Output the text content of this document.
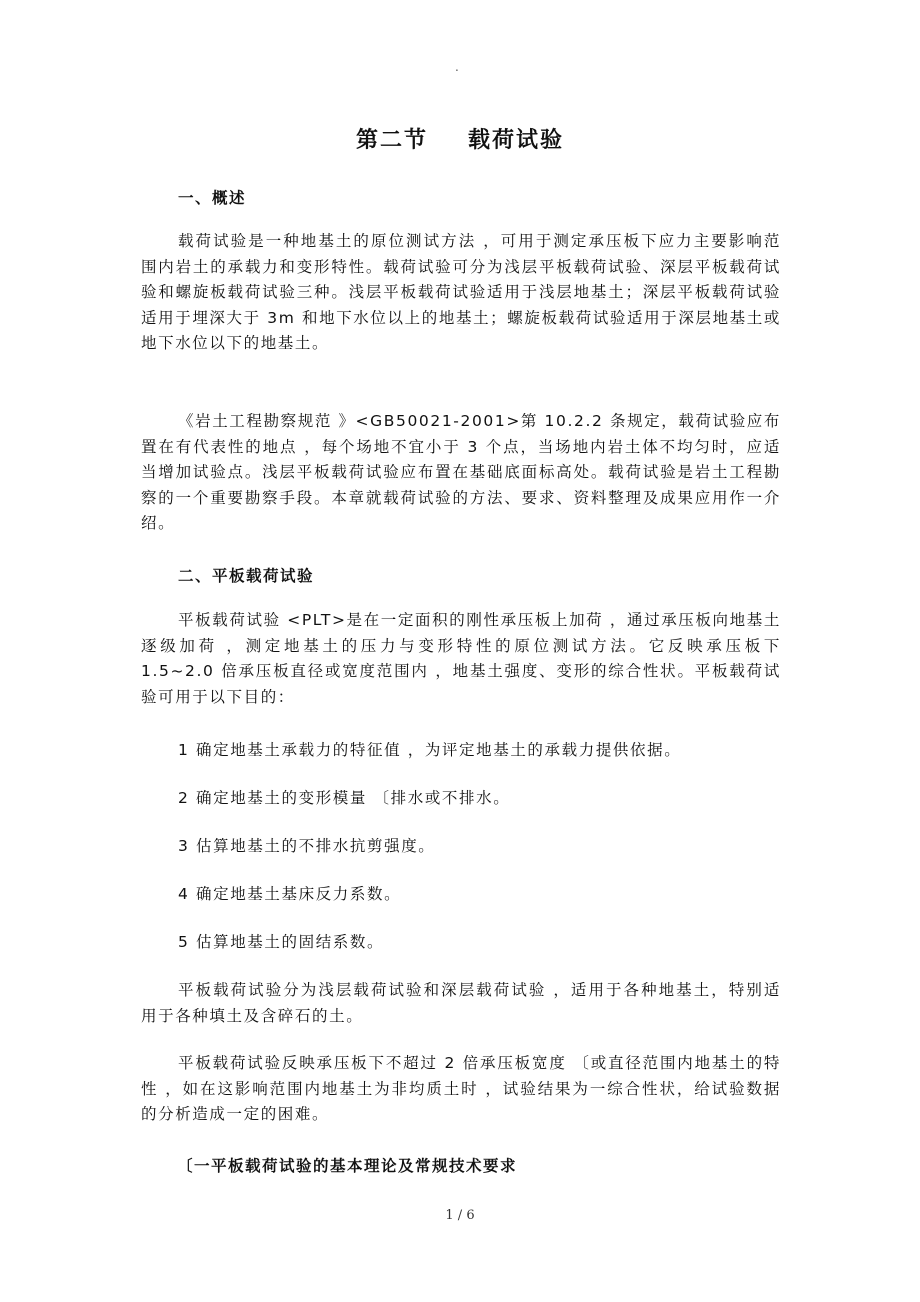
.
第二节 载荷试验
一、概述

载荷试验是一种地基土的原位测试方法 ，可用于测定承压板下应力主要影响范围内岩土的承载力和变形特性。载荷试验可分为浅层平板载荷试验、深层平板载荷试验和螺旋板载荷试验三种。浅层平板载荷试验适用于浅层地基土；深层平板载荷试验适用于埋深大于 3m 和地下水位以上的地基土；螺旋板载荷试验适用于深层地基土或地下水位以下的地基土。

《岩土工程勘察规范 》<GB50021-2001>第 10.2.2 条规定，载荷试验应布置在有代表性的地点 ，每个场地不宜小于 3 个点，当场地内岩土体不均匀时，应适当增加试验点。浅层平板载荷试验应布置在基础底面标高处。载荷试验是岩土工程勘察的一个重要勘察手段。本章就载荷试验的方法、要求、资料整理及成果应用作一介绍。

二、平板载荷试验

平板载荷试验 <PLT>是在一定面积的刚性承压板上加荷 ，通过承压板向地基土逐级加荷 ，测定地基土的压力与变形特性的原位测试方法。它反映承压板下 1.5~2.0 倍承压板直径或宽度范围内 ，地基土强度、变形的综合性状。平板载荷试验可用于以下目的：

1 确定地基土承载力的特征值 ，为评定地基土的承载力提供依据。
2 确定地基土的变形模量 〔排水或不排水。
3 估算地基土的不排水抗剪强度。
4 确定地基土基床反力系数。
5 估算地基土的固结系数。

平板载荷试验分为浅层载荷试验和深层载荷试验 ，适用于各种地基土，特别适用于各种填土及含碎石的土。

平板载荷试验反映承压板下不超过 2 倍承压板宽度 〔或直径范围内地基土的特性 ，如在这影响范围内地基土为非均质土时 ，试验结果为一综合性状，给试验数据的分析造成一定的困难。

〔一平板载荷试验的基本理论及常规技术要求
1 / 6
